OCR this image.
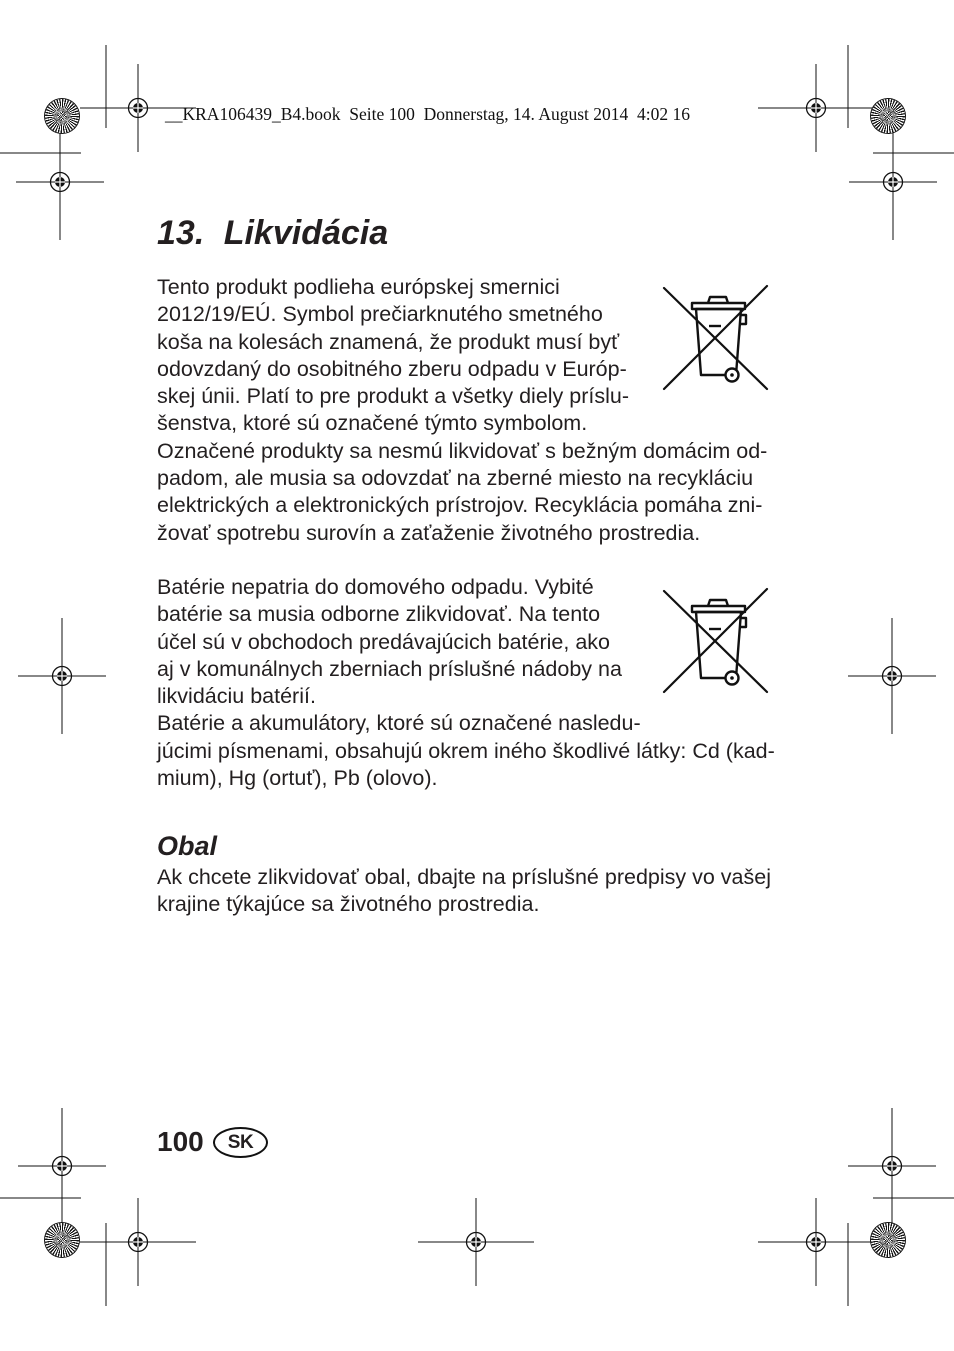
__KRA106439_B4.book  Seite 100  Donnerstag, 14. August 2014  4:02 16
13. Likvidácia
Tento produkt podlieha európskej smernici
2012/19/EÚ. Symbol prečiarknutého smetného
koša na kolesách znamená, že produkt musí byť
odovzdaný do osobitného zberu odpadu v Európ-
skej únii. Platí to pre produkt a všetky diely príslu-
šenstva, ktoré sú označené týmto symbolom.
Označené produkty sa nesmú likvidovať s bežným domácim od-
padom, ale musia sa odovzdať na zberné miesto na recykláciu
elektrických a elektronických prístrojov. Recyklácia pomáha zni-
žovať spotrebu surovín a zaťaženie životného prostredia.
Batérie nepatria do domového odpadu. Vybité
batérie sa musia odborne zlikvidovať. Na tento
účel sú v obchodoch predávajúcich batérie, ako
aj v komunálnych zberniach príslušné nádoby na
likvidáciu batérií.
Batérie a akumulátory, ktoré sú označené nasledu-
júcimi písmenami, obsahujú okrem iného škodlivé látky: Cd (kad-
mium), Hg (ortuť), Pb (olovo).
Obal
Ak chcete zlikvidovať obal, dbajte na príslušné predpisy vo vašej
krajine týkajúce sa životného prostredia.
100 SK
